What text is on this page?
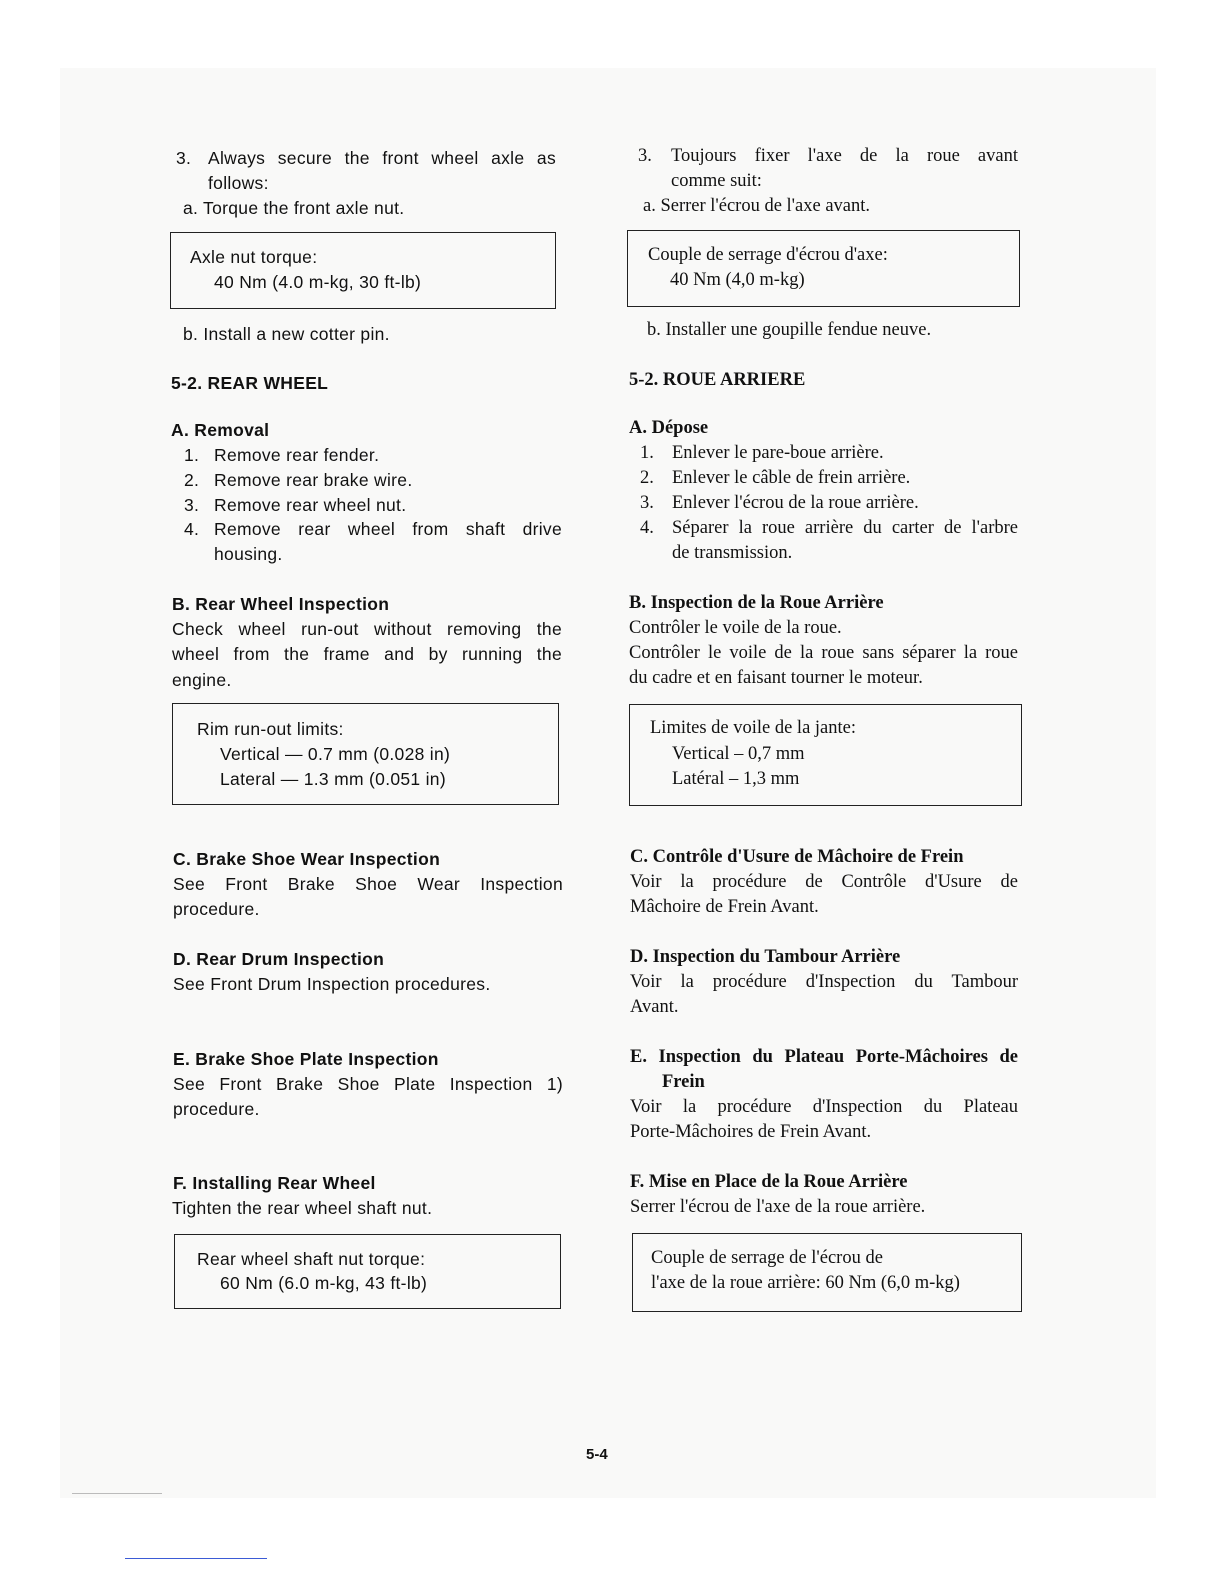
3. Always secure the front wheel axle as
follows:
a. Torque the front axle nut.
Axle nut torque:
40 Nm (4.0 m-kg, 30 ft-lb)
b. Install a new cotter pin.
5-2. REAR WHEEL
A. Removal
1. Remove rear fender.
2. Remove rear brake wire.
3. Remove rear wheel nut.
4. Remove rear wheel from shaft drive
housing.
B. Rear Wheel Inspection
Check wheel run-out without removing the
wheel from the frame and by running the
engine.
Rim run-out limits:
Vertical — 0.7 mm (0.028 in)
Lateral — 1.3 mm (0.051 in)
C. Brake Shoe Wear Inspection
See Front Brake Shoe Wear Inspection
procedure.
D. Rear Drum Inspection
See Front Drum Inspection procedures.
E. Brake Shoe Plate Inspection
See Front Brake Shoe Plate Inspection 1)
procedure.
F. Installing Rear Wheel
Tighten the rear wheel shaft nut.
Rear wheel shaft nut torque:
60 Nm (6.0 m-kg, 43 ft-lb)
3. Toujours fixer l'axe de la roue avant
comme suit:
a. Serrer l'écrou de l'axe avant.
Couple de serrage d'écrou d'axe:
40 Nm (4,0 m-kg)
b. Installer une goupille fendue neuve.
5-2. ROUE ARRIERE
A. Dépose
1. Enlever le pare-boue arrière.
2. Enlever le câble de frein arrière.
3. Enlever l'écrou de la roue arrière.
4. Séparer la roue arrière du carter de l'arbre
de transmission.
B. Inspection de la Roue Arrière
Contrôler le voile de la roue.
Contrôler le voile de la roue sans séparer la roue
du cadre et en faisant tourner le moteur.
Limites de voile de la jante:
Vertical – 0,7 mm
Latéral – 1,3 mm
C. Contrôle d'Usure de Mâchoire de Frein
Voir la procédure de Contrôle d'Usure de
Mâchoire de Frein Avant.
D. Inspection du Tambour Arrière
Voir la procédure d'Inspection du Tambour
Avant.
E. Inspection du Plateau Porte-Mâchoires de
Frein
Voir la procédure d'Inspection du Plateau
Porte-Mâchoires de Frein Avant.
F. Mise en Place de la Roue Arrière
Serrer l'écrou de l'axe de la roue arrière.
Couple de serrage de l'écrou de
l'axe de la roue arrière: 60 Nm (6,0 m-kg)
5-4
